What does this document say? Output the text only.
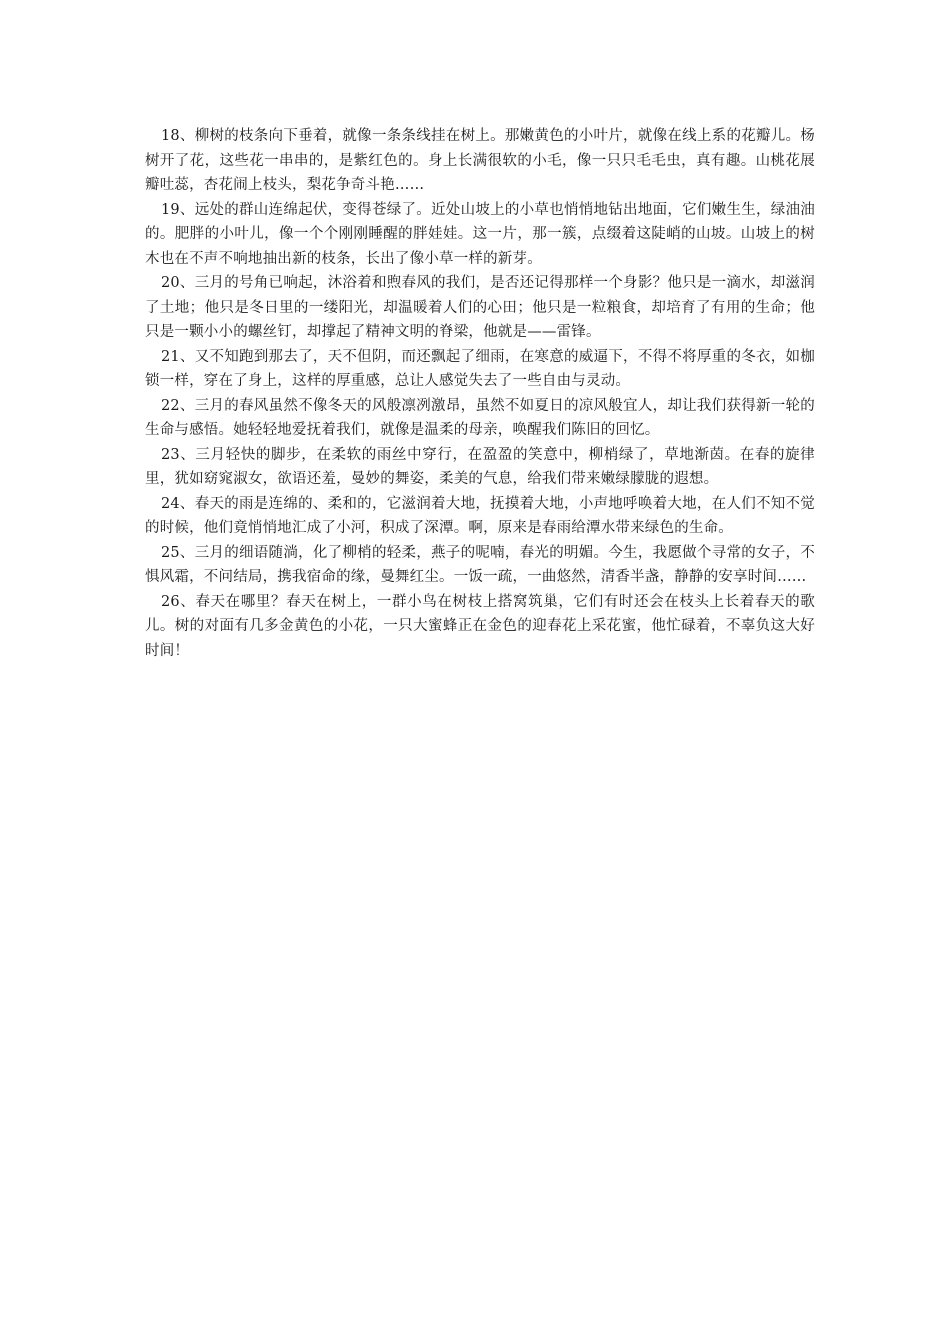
18、柳树的枝条向下垂着，就像一条条线挂在树上。那嫩黄色的小叶片，就像在线上系的花瓣儿。杨树开了花，这些花一串串的，是紫红色的。身上长满很软的小毛，像一只只毛毛虫，真有趣。山桃花展瓣吐蕊，杏花闹上枝头，梨花争奇斗艳……

19、远处的群山连绵起伏，变得苍绿了。近处山坡上的小草也悄悄地钻出地面，它们嫩生生，绿油油的。肥胖的小叶儿，像一个个刚刚睡醒的胖娃娃。这一片，那一簇，点缀着这陡峭的山坡。山坡上的树木也在不声不响地抽出新的枝条，长出了像小草一样的新芽。

20、三月的号角已响起，沐浴着和煦春风的我们，是否还记得那样一个身影？他只是一滴水，却滋润了土地；他只是冬日里的一缕阳光，却温暖着人们的心田；他只是一粒粮食，却培育了有用的生命；他只是一颗小小的螺丝钉，却撑起了精神文明的脊梁，他就是——雷锋。

21、又不知跑到那去了，天不但阴，而还飘起了细雨，在寒意的威逼下，不得不将厚重的冬衣，如枷锁一样，穿在了身上，这样的厚重感，总让人感觉失去了一些自由与灵动。

22、三月的春风虽然不像冬天的风般凛冽激昂，虽然不如夏日的凉风般宜人，却让我们获得新一轮的生命与感悟。她轻轻地爱抚着我们，就像是温柔的母亲，唤醒我们陈旧的回忆。

23、三月轻快的脚步，在柔软的雨丝中穿行，在盈盈的笑意中，柳梢绿了，草地渐茵。在春的旋律里，犹如窈窕淑女，欲语还羞，曼妙的舞姿，柔美的气息，给我们带来嫩绿朦胧的遐想。

24、春天的雨是连绵的、柔和的，它滋润着大地，抚摸着大地，小声地呼唤着大地，在人们不知不觉的时候，他们竟悄悄地汇成了小河，积成了深潭。啊，原来是春雨给潭水带来绿色的生命。

25、三月的细语随淌，化了柳梢的轻柔，燕子的呢喃，春光的明媚。今生，我愿做个寻常的女子，不惧风霜，不问结局，携我宿命的缘，曼舞红尘。一饭一疏，一曲悠然，清香半盏，静静的安享时间……

26、春天在哪里？春天在树上，一群小鸟在树枝上搭窝筑巢，它们有时还会在枝头上长着春天的歌儿。树的对面有几多金黄色的小花，一只大蜜蜂正在金色的迎春花上采花蜜，他忙碌着，不辜负这大好时间！
